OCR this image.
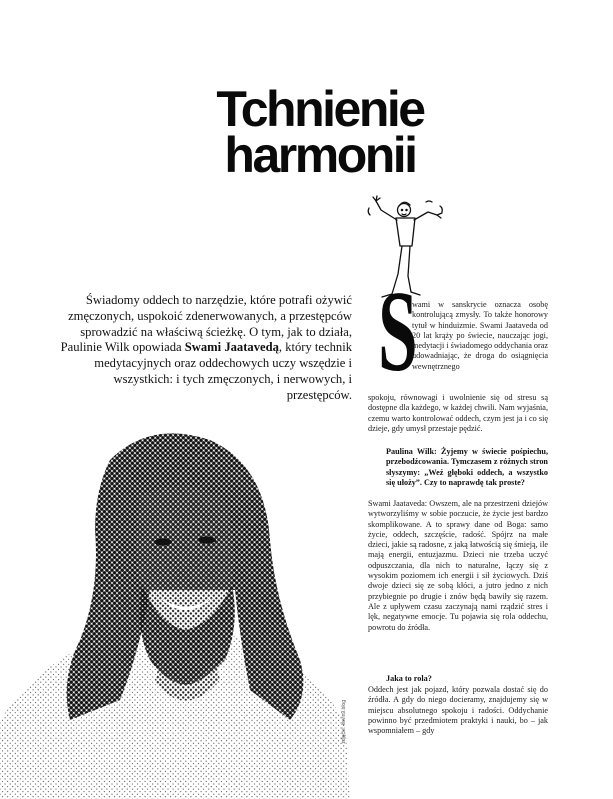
Tchnienie
harmonii

Świadomy oddech to narzędzie, które potrafi ożywić zmęczonych, uspokoić zdenerwowanych, a przestępców sprowadzić na właściwą ścieżkę. O tym, jak to działa, Paulinie Wilk opowiada Swami Jaatavedą, który technik medytacyjnych oraz oddechowych uczy wszędzie i wszystkich: i tych zmęczonych, i nerwowych, i przestępców.

zdjęcie: kevin9.blog
S

wami w sanskrycie oznacza osobę kontrolującą zmysły. To także honorowy tytuł w hinduizmie. Swami Jaataveda od 20 lat krąży po świecie, nauczając jogi, medytacji i świadomego oddychania oraz udowadniając, że droga do osiągnięcia wewnętrznego

spokoju, równowagi i uwolnienie się od stresu są dostępne dla każdego, w każdej chwili. Nam wyjaśnia, czemu warto kontrolować oddech, czym jest ja i co się dzieje, gdy umysł przestaje pędzić.

Paulina Wilk: Żyjemy w świecie pośpiechu, przebodźcowania. Tymczasem z różnych stron słyszymy: „Weź głęboki oddech, a wszystko się ułoży”. Czy to naprawdę tak proste?

Swami Jaataveda: Owszem, ale na przestrzeni dziejów wytworzyliśmy w sobie poczucie, że życie jest bardzo skomplikowane. A to sprawy dane od Boga: samo życie, oddech, szczęście, radość. Spójrz na małe dzieci, jakie są radosne, z jaką łatwością się śmieją, ile mają energii, entuzjazmu. Dzieci nie trzeba uczyć odpuszczania, dla nich to naturalne, łączy się z wysokim poziomem ich energii i sił życiowych. Dziś dwoje dzieci się ze sobą kłóci, a jutro jedno z nich przybiegnie po drugie i znów będą bawiły się razem. Ale z upływem czasu zaczynają nami rządzić stres i lęk, negatywne emocje. Tu pojawia się rola oddechu, powrotu do źródła.

Jaka to rola?

Oddech jest jak pojazd, który pozwala dostać się do źródła. A gdy do niego docieramy, znajdujemy się w miejscu absolutnego spokoju i radości. Oddychanie powinno być przedmiotem praktyki i nauki, bo – jak wspomniałem – gdy
